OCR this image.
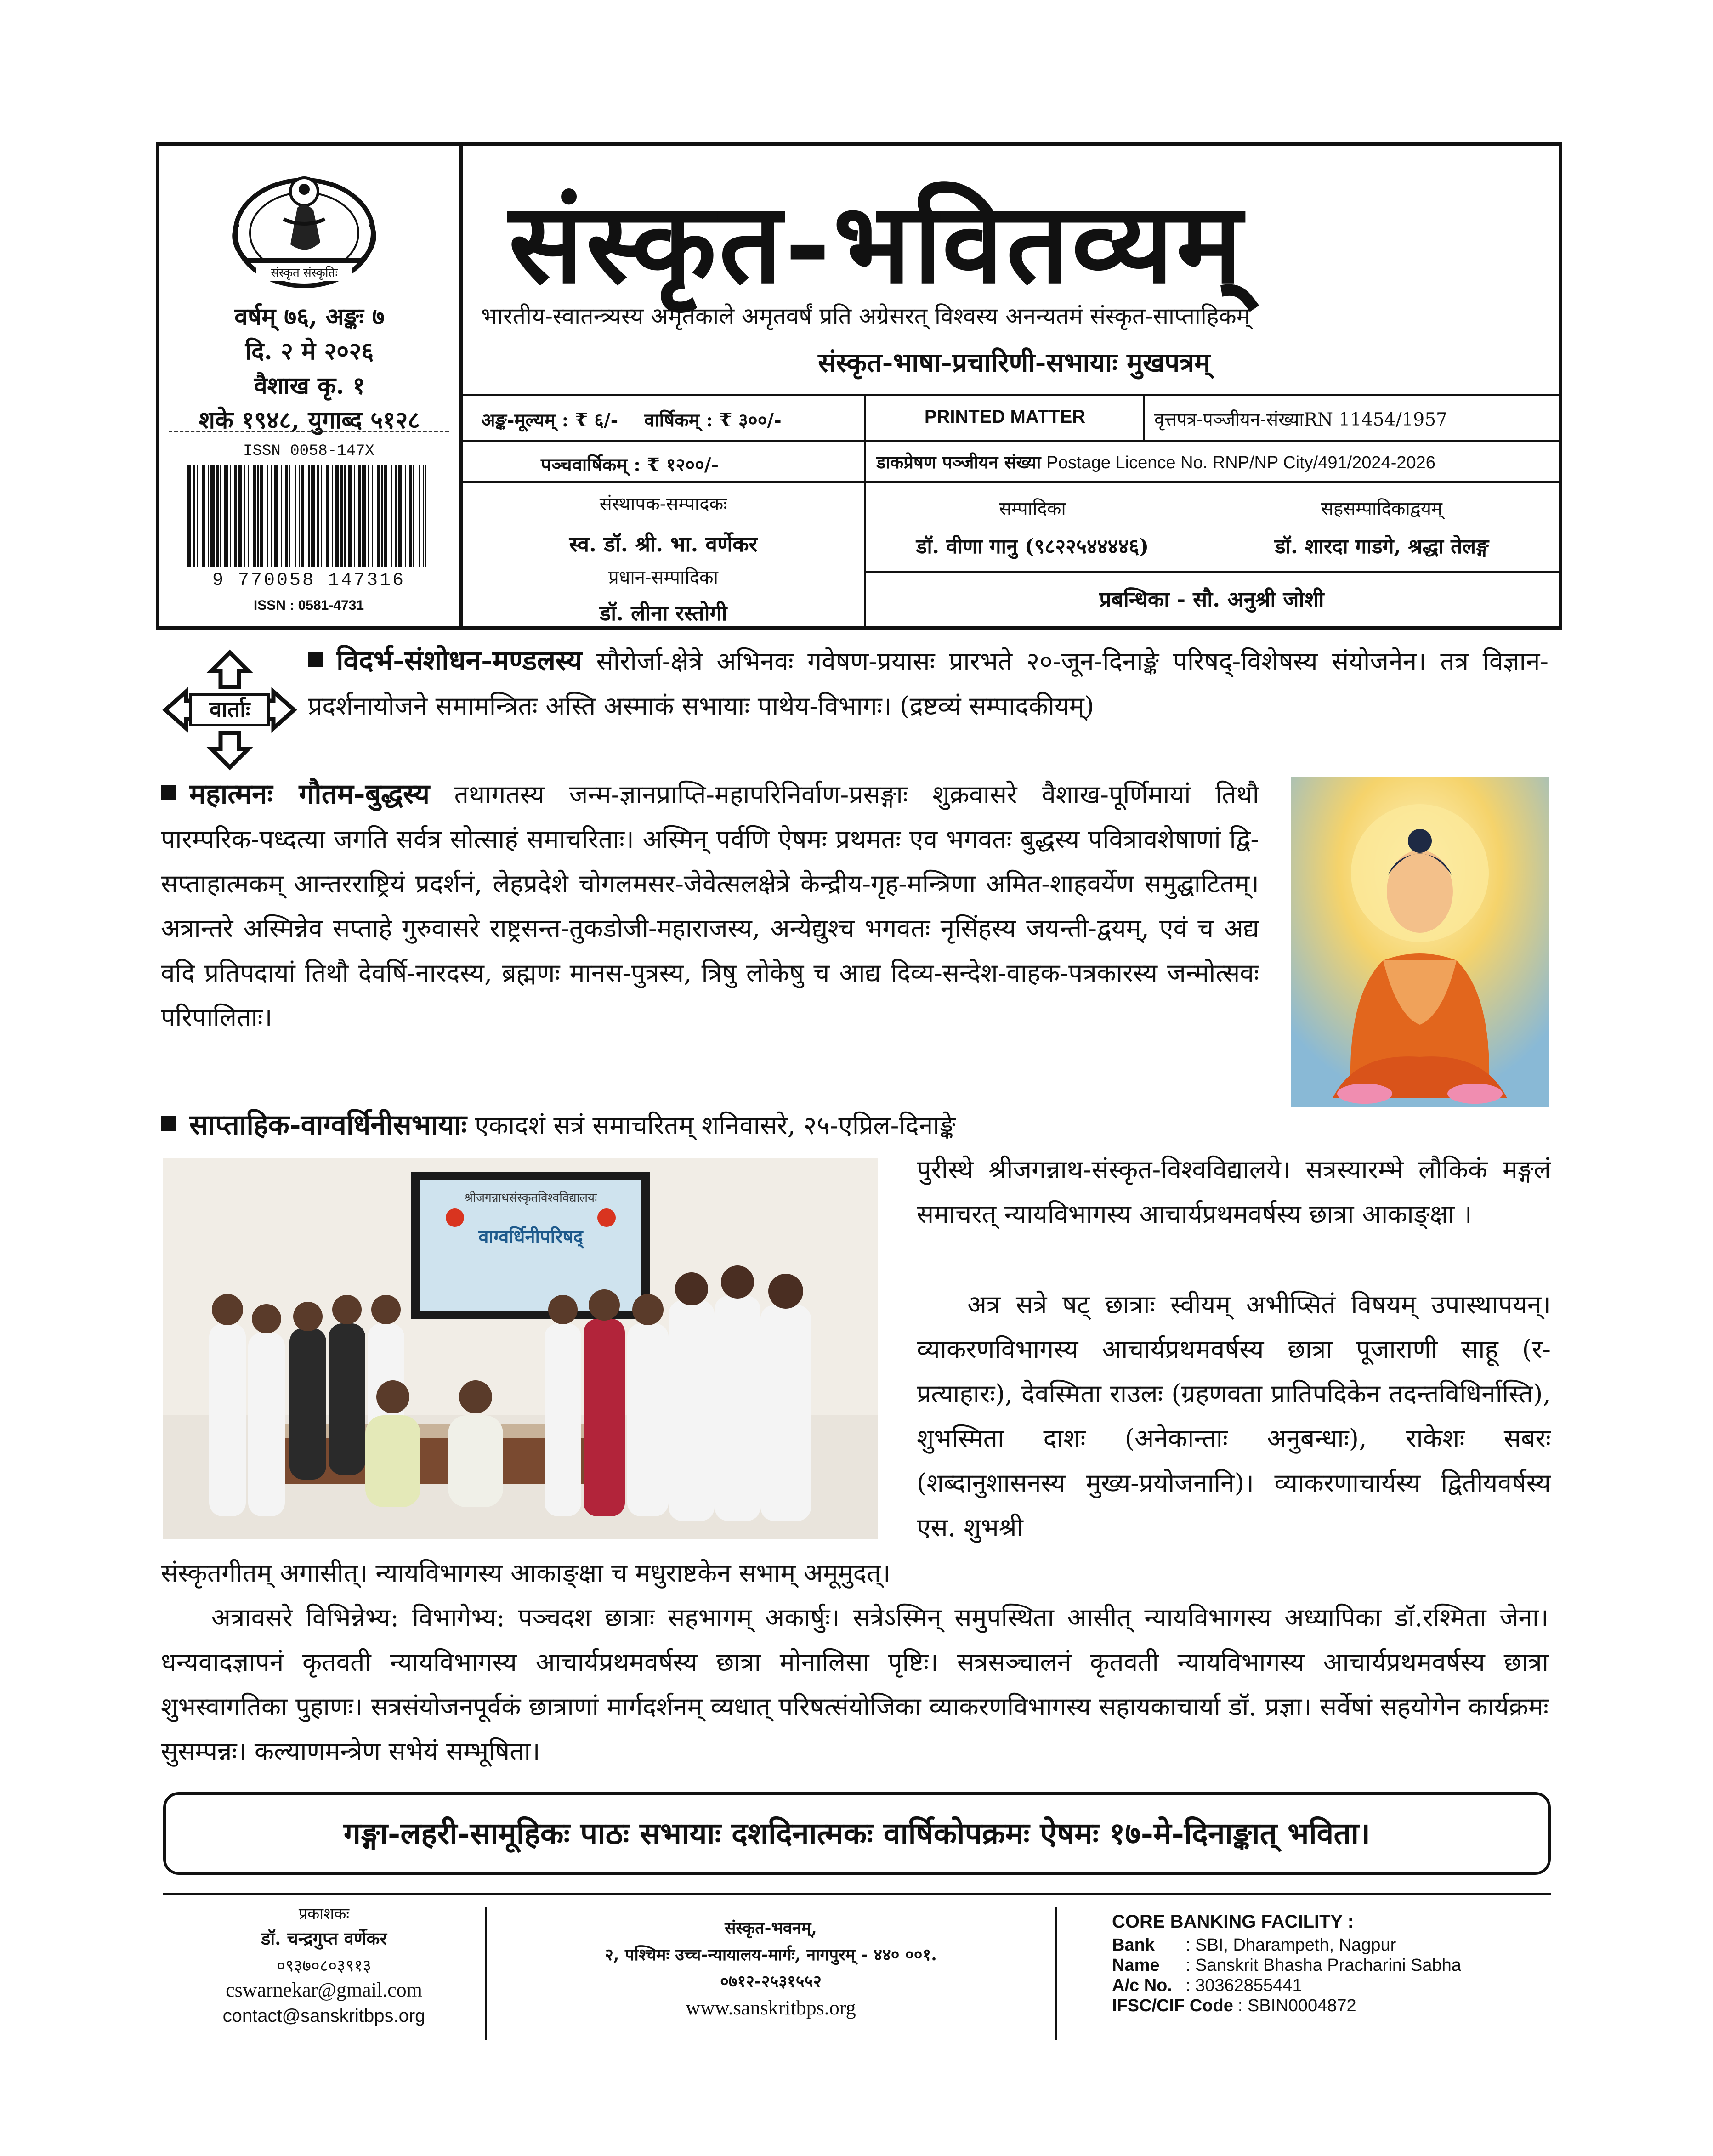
संस्कृत संस्कृतिः
वर्षम् ७६, अङ्कः ७
दि. २ मे २०२६
वैशाख कृ. १
शके १९४८, युगाब्द ५१२८
ISSN 0058-147X
9 770058 147316
ISSN : 0581-4731
संस्कृत-भवितव्यम्
भारतीय-स्वातन्त्र्यस्य अमृतकाले अमृतवर्षं प्रति अग्रेसरत् विश्वस्य अनन्यतमं संस्कृत-साप्ताहिकम्
संस्कृत-भाषा-प्रचारिणी-सभायाः मुखपत्रम्
अङ्क-मूल्यम् : ₹ ६/- वार्षिकम् : ₹ ३००/-
पञ्चवार्षिकम् : ₹ १२००/-
PRINTED MATTER	वृत्तपत्र-पञ्जीयन-संख्याRN 11454/1957
डाकप्रेषण पञ्जीयन संख्या Postage Licence No. RNP/NP City/491/2024-2026
संस्थापक-सम्पादकः
स्व. डॉ. श्री. भा. वर्णेकर
प्रधान-सम्पादिका
डॉ. लीना रस्तोगी
सम्पादिका
डॉ. वीणा गानु (९८२२५४४४४६)
सहसम्पादिकाद्वयम्
डॉ. शारदा गाडगे, श्रद्धा तेलङ्ग
प्रबन्धिका - सौ. अनुश्री जोशी
वार्ताः
विदर्भ-संशोधन-मण्डलस्य सौरोर्जा-क्षेत्रे अभिनवः गवेषण-प्रयासः प्रारभते २०-जून-दिनाङ्के परिषद्-विशेषस्य संयोजनेन। तत्र विज्ञान-प्रदर्शनायोजने समामन्त्रितः अस्ति अस्माकं सभायाः पाथेय-विभागः। (द्रष्टव्यं सम्पादकीयम्)
महात्मनः गौतम-बुद्धस्य तथागतस्य जन्म-ज्ञानप्राप्ति-महापरिनिर्वाण-प्रसङ्गाः शुक्रवासरे वैशाख-पूर्णिमायां तिथौ पारम्परिक-पध्दत्या जगति सर्वत्र सोत्साहं समाचरिताः। अस्मिन् पर्वणि ऐषमः प्रथमतः एव भगवतः बुद्धस्य पवित्रावशेषाणां द्वि-सप्ताहात्मकम् आन्तरराष्ट्रियं प्रदर्शनं, लेहप्रदेशे चोगलमसर-जेवेत्सलक्षेत्रे केन्द्रीय-गृह-मन्त्रिणा अमित-शाहवर्येण समुद्घाटितम्। अत्रान्तरे अस्मिन्नेव सप्ताहे गुरुवासरे राष्ट्रसन्त-तुकडोजी-महाराजस्य, अन्येद्युश्च भगवतः नृसिंहस्य जयन्ती-द्वयम्, एवं च अद्य वदि प्रतिपदायां तिथौ देवर्षि-नारदस्य, ब्रह्मणः मानस-पुत्रस्य, त्रिषु लोकेषु च आद्य दिव्य-सन्देश-वाहक-पत्रकारस्य जन्मोत्सवः परिपालिताः।
साप्ताहिक-वाग्वर्धिनीसभायाः एकादशं सत्रं समाचरितम् शनिवासरे, २५-एप्रिल-दिनाङ्के
श्रीजगन्नाथसंस्कृतविश्वविद्यालयः
वाग्वर्धिनीपरिषद्
पुरीस्थे श्रीजगन्नाथ-संस्कृत-विश्वविद्यालये। सत्रस्यारम्भे लौकिकं मङ्गलं समाचरत् न्यायविभागस्य आचार्यप्रथमवर्षस्य छात्रा आकाङ्क्षा ।
अत्र सत्रे षट् छात्राः स्वीयम् अभीप्सितं विषयम् उपास्थापयन्। व्याकरणविभागस्य आचार्यप्रथमवर्षस्य छात्रा पूजाराणी साहू (र-प्रत्याहारः), देवस्मिता राउलः (ग्रहणवता प्रातिपदिकेन तदन्तविधिर्नास्ति), शुभस्मिता दाशः (अनेकान्ताः अनुबन्धाः), राकेशः सबरः (शब्दानुशासनस्य मुख्य-प्रयोजनानि)। व्याकरणाचार्यस्य द्वितीयवर्षस्य एस. शुभश्री
संस्कृतगीतम् अगासीत्। न्यायविभागस्य आकाङ्क्षा च मधुराष्टकेन सभाम् अमूमुदत्।
अत्रावसरे विभिन्नेभ्य: विभागेभ्य: पञ्चदश छात्राः सहभागम् अकार्षुः। सत्रेऽस्मिन् समुपस्थिता आसीत् न्यायविभागस्य अध्यापिका डॉ.रश्मिता जेना। धन्यवादज्ञापनं कृतवती न्यायविभागस्य आचार्यप्रथमवर्षस्य छात्रा मोनालिसा पृष्टिः। सत्रसञ्चालनं कृतवती न्यायविभागस्य आचार्यप्रथमवर्षस्य छात्रा शुभस्वागतिका पुहाणः। सत्रसंयोजनपूर्वकं छात्राणां मार्गदर्शनम् व्यधात् परिषत्संयोजिका व्याकरणविभागस्य सहायकाचार्या डॉ. प्रज्ञा। सर्वेषां सहयोगेन कार्यक्रमः सुसम्पन्नः। कल्याणमन्त्रेण सभेयं सम्भूषिता।
गङ्गा-लहरी-सामूहिकः पाठः सभायाः दशदिनात्मकः वार्षिकोपक्रमः ऐषमः १७-मे-दिनाङ्कात् भविता।
प्रकाशकः
डॉ. चन्द्रगुप्त वर्णेकर
०९३७०८०३९१३
cswarnekar@gmail.com
contact@sanskritbps.org
संस्कृत-भवनम्,
२, पश्चिमः उच्च-न्यायालय-मार्गः, नागपुरम् - ४४० ००१.
०७१२-२५३१५५२
www.sanskritbps.org
CORE BANKING FACILITY :
Bank : SBI, Dharampeth, Nagpur
Name : Sanskrit Bhasha Pracharini Sabha
A/c No. : 30362855441
IFSC/CIF Code : SBIN0004872
